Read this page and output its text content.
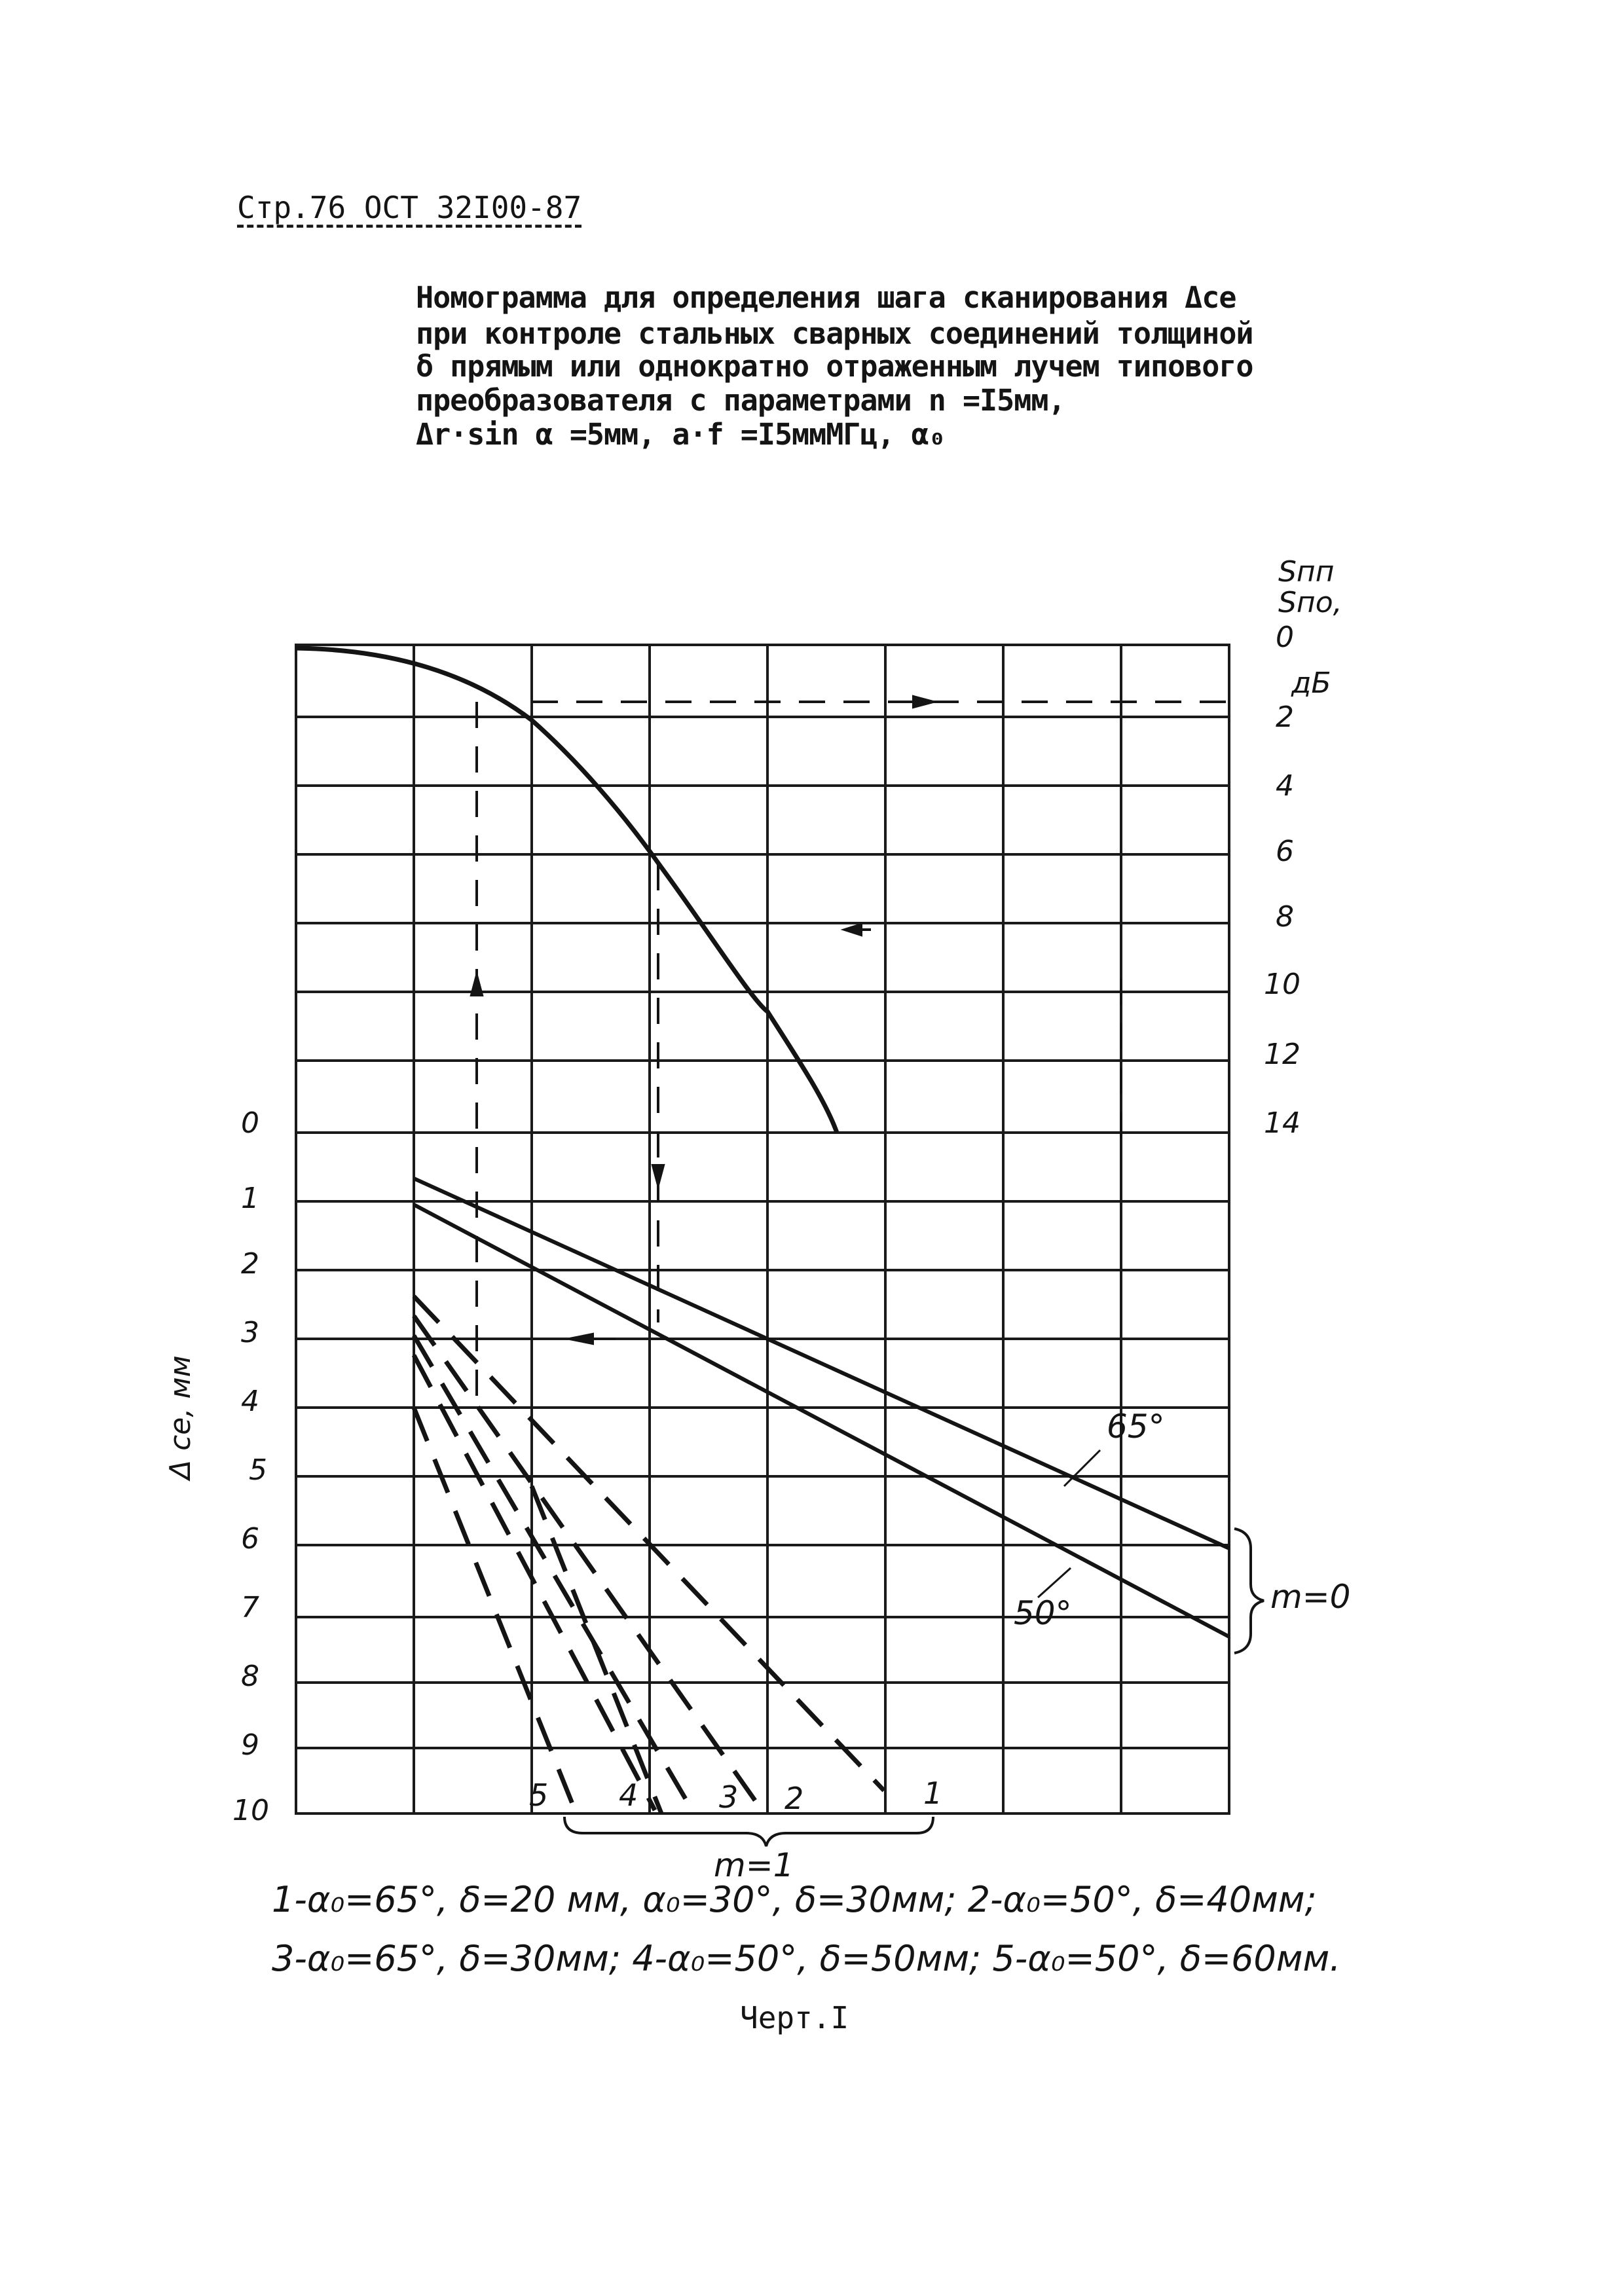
Стр.76 ОСТ 32I00-87
Номограмма для определения шага сканирования Δсе
при контроле стальных сварных соединений толщиной
δ прямым или однократно отраженным лучем типового
преобразователя с параметрами n =I5мм,
Δr·sin α =5мм, a·f =I5ммМГц, α₀
Sпп
Sпо,
дБ
0
2
4
6
8
10
12
14
0
1
2
3
4
5
6
7
8
9
10
Δ се, мм	65°
50°	m=0
m=1
5 4	3 2	1
1-α₀=65°, δ=20 мм, α₀=30°, δ=30мм; 2-α₀=50°, δ=40мм;
3-α₀=65°, δ=30мм; 4-α₀=50°, δ=50мм; 5-α₀=50°, δ=60мм.
Черт.I
